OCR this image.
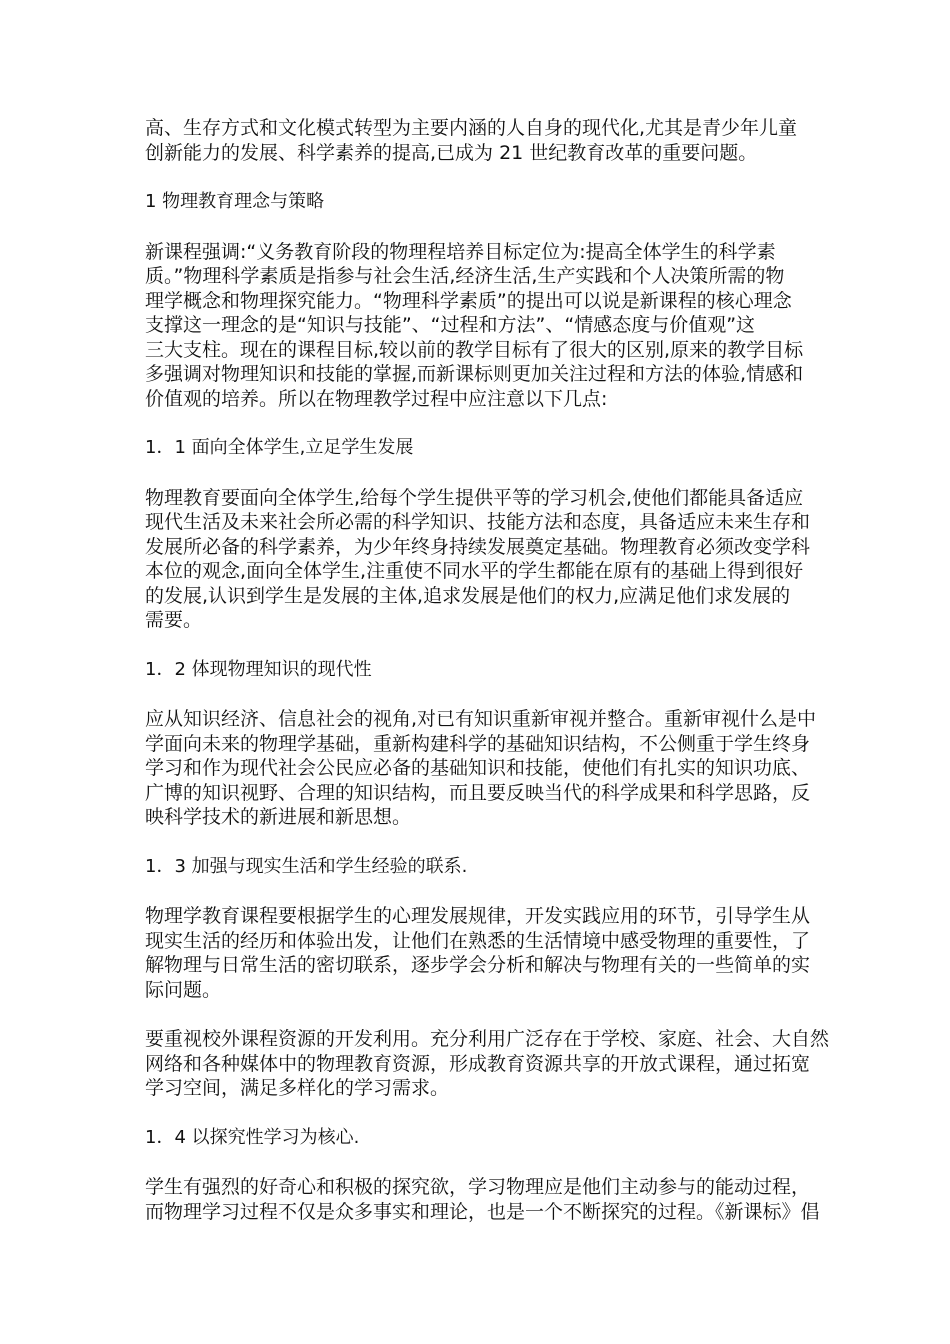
高、生存方式和文化模式转型为主要内涵的人自身的现代化,尤其是青少年儿童
创新能力的发展、科学素养的提高,已成为 21 世纪教育改革的重要问题。
1 物理教育理念与策略
新课程强调:“义务教育阶段的物理程培养目标定位为:提高全体学生的科学素
质。”物理科学素质是指参与社会生活,经济生活,生产实践和个人决策所需的物
理学概念和物理探究能力。“物理科学素质”的提出可以说是新课程的核心理念
支撑这一理念的是“知识与技能”、“过程和方法”、“情感态度与价值观”这
三大支柱。现在的课程目标,较以前的教学目标有了很大的区别,原来的教学目标
多强调对物理知识和技能的掌握,而新课标则更加关注过程和方法的体验,情感和
价值观的培养。所以在物理教学过程中应注意以下几点:
1．1 面向全体学生,立足学生发展
物理教育要面向全体学生,给每个学生提供平等的学习机会,使他们都能具备适应
现代生活及未来社会所必需的科学知识、技能方法和态度，具备适应未来生存和
发展所必备的科学素养，为少年终身持续发展奠定基础。物理教育必须改变学科
本位的观念,面向全体学生,注重使不同水平的学生都能在原有的基础上得到很好
的发展,认识到学生是发展的主体,追求发展是他们的权力,应满足他们求发展的
需要。
1．2 体现物理知识的现代性
应从知识经济、信息社会的视角,对已有知识重新审视并整合。重新审视什么是中
学面向未来的物理学基础，重新构建科学的基础知识结构，不公侧重于学生终身
学习和作为现代社会公民应必备的基础知识和技能，使他们有扎实的知识功底、
广博的知识视野、合理的知识结构，而且要反映当代的科学成果和科学思路，反
映科学技术的新进展和新思想。
1．3 加强与现实生活和学生经验的联系.
物理学教育课程要根据学生的心理发展规律，开发实践应用的环节，引导学生从
现实生活的经历和体验出发，让他们在熟悉的生活情境中感受物理的重要性，了
解物理与日常生活的密切联系，逐步学会分析和解决与物理有关的一些简单的实
际问题。
要重视校外课程资源的开发利用。充分利用广泛存在于学校、家庭、社会、大自然
网络和各种媒体中的物理教育资源，形成教育资源共享的开放式课程，通过拓宽
学习空间，满足多样化的学习需求。
1．4 以探究性学习为核心.
学生有强烈的好奇心和积极的探究欲，学习物理应是他们主动参与的能动过程，
而物理学习过程不仅是众多事实和理论，也是一个不断探究的过程。《新课标》倡
